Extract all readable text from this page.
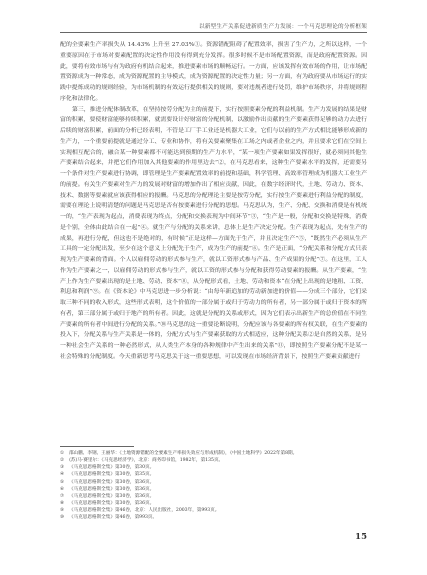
以新型生产关系促进新质生产力发展：一个马克思理论的分析框架

配的全要素生产率损失从 14.43% 上升至 27.03%①。资源错配阻碍了配置效率，损害了生产力，之所以这样，一个重要原因在于市场对要素配置的决定性作用没有得到充分发挥。很多时候不是市场配置资源，而是政府配置资源。因此，要将有效市场与有为政府有机结合起来，推进要素市场的顺畅运行。一方面，应该发挥有效市场的作用，让市场配置资源成为一种常态，成为资源配置的主导模式，成为资源配置的决定性力量；另一方面，有为政府要从市场运行的实践中提炼成功的规则经验，为市场机制的有效运行提供相关的规则，要对违规者进行处罚，维护市场秩序，并将规则程序化和法律化。

第三，推进分配体制改革，在坚持按劳分配为主的前提下，实行按照要素分配的利益机制。生产力发展的结果是财富的积累，要使财富能够持续积累，就需要设计好财富的分配机制，以激励作出贡献的生产要素获得足够的动力去进行后续的财富积累，前面的分析已经表明，不管是工厂手工业还是机器大工业，它们与以前的生产方式相比能够形成新的生产力，一个重要前提就是通过分工、专业和协作，将有关要素聚集在工场之内或者企业之内，并且要求它们在空间上实现相互配合的，融合某一种要素都不可能达到预期的生产力水平，“某一项生产要素如果发挥很好，就必须同其他生产要素结合起来，并把它们作用加入其他要素的作用里边去”②，在马克思看来，这种生产要素水平的发挥，还需要另一个条件对生产要素进行协调，即管理是生产要素配置效率的前提和基础，科学管理、高效率管理成为机器大工业生产的前提。有关生产要素对生产力的发展对财富的增加作出了相应贡献，因此，在数字经济时代，土地、劳动力、资本、技术、数据等要素就应该获得相应的报酬。马克思的分配理论主要是按劳分配，实行按生产要素进行利益分配的制度，需要在理论上说明清楚的问题是马克思是否有按要素进行分配的思想。马克思认为，生产、分配、交换和消费是有机统一的，“生产表现为起点，消费表现为终点，分配和交换表现为中间环节”③，“生产是一般，分配和交换是特殊，消费是个别，全体由此结合在一起”④。就生产与分配的关系来讲，总体上是生产决定分配。生产表现为起点，先有生产的成果，再进行分配，但这也不是绝对的，有时候“正是这样—方面先于生产，并且决定生产”⑤，“既然生产必须从生产工具的一定分配出发，至少在这个意义上分配先于生产，成为生产的前提”⑥。生产是正面，“分配关系和分配方式只表现为生产要素的背面。个人以雇佣劳动的形式参与生产，就以工资形式参与产品、生产成果的分配”⑦。在这里，工人作为生产要素之一，以雇佣劳动的形式参与生产，就以工资的形式参与分配和获得劳动要素的报酬。从生产要素，“生产上作为生产要素出现的是土地、劳动、资本”⑧，从分配形式看，土地、劳动和资本“在分配上出现的是地租、工资、利息和利润”⑨。在《资本论》中马克思进一步分析说：“由每年新追加的劳动新加进的价值——分成三个部分，它们采取三种不同的收入形式，这些形式表明，这个价值的一部分属于或归于劳动力的所有者，另一部分属于或归于资本的所有者，第三部分属于或归于地产的所有者。因此，这就是分配的关系或形式，因为它们表示出新生产的总价值在不同生产要素的所有者中间进行分配的关系。”⑩马克思的这一重要论断说明，分配应该与各要素的所有权关联，在生产要素的投入下，分配关系与生产关系是一体的，分配方式与生产要素获取的方式相适应，这种分配关系②是自然的关系，是另一种社会生产关系的一种必然形式，从人类生产本身的各种规律中产生出来的关系”⑪，即按照生产要素分配不是某一社会特殊的分配制度。今天重新思考马克思关于这一重要思想，可以发现在市场经济背景下，按照生产要素贡献进行

① 邵山鹏、李钢、王丽华：《土地资源错配的全要素生产率损失效应与形成机制》，《中国土地科学》2022年第8期。

② ⟨苏⟩马·赛里尔：《马克思经济学》，北京：商务印书馆，1982年，第135页。

③ 《马克思恩格斯全集》第30卷，第30页。

④ 《马克思恩格斯全集》第30卷，第35页。

⑤ 《马克思恩格斯全集》第30卷，第36页。

⑥ 《马克思恩格斯全集》第30卷，第36页。

⑦ 《马克思恩格斯全集》第30卷，第36页。

⑧ 《马克思恩格斯全集》第30卷，第36页。

⑨ 《马克思恩格斯全集》第46卷，北京：人民出版社，2003年，第993页。

⑩ 《马克思恩格斯全集》第46卷，第993页。

15
